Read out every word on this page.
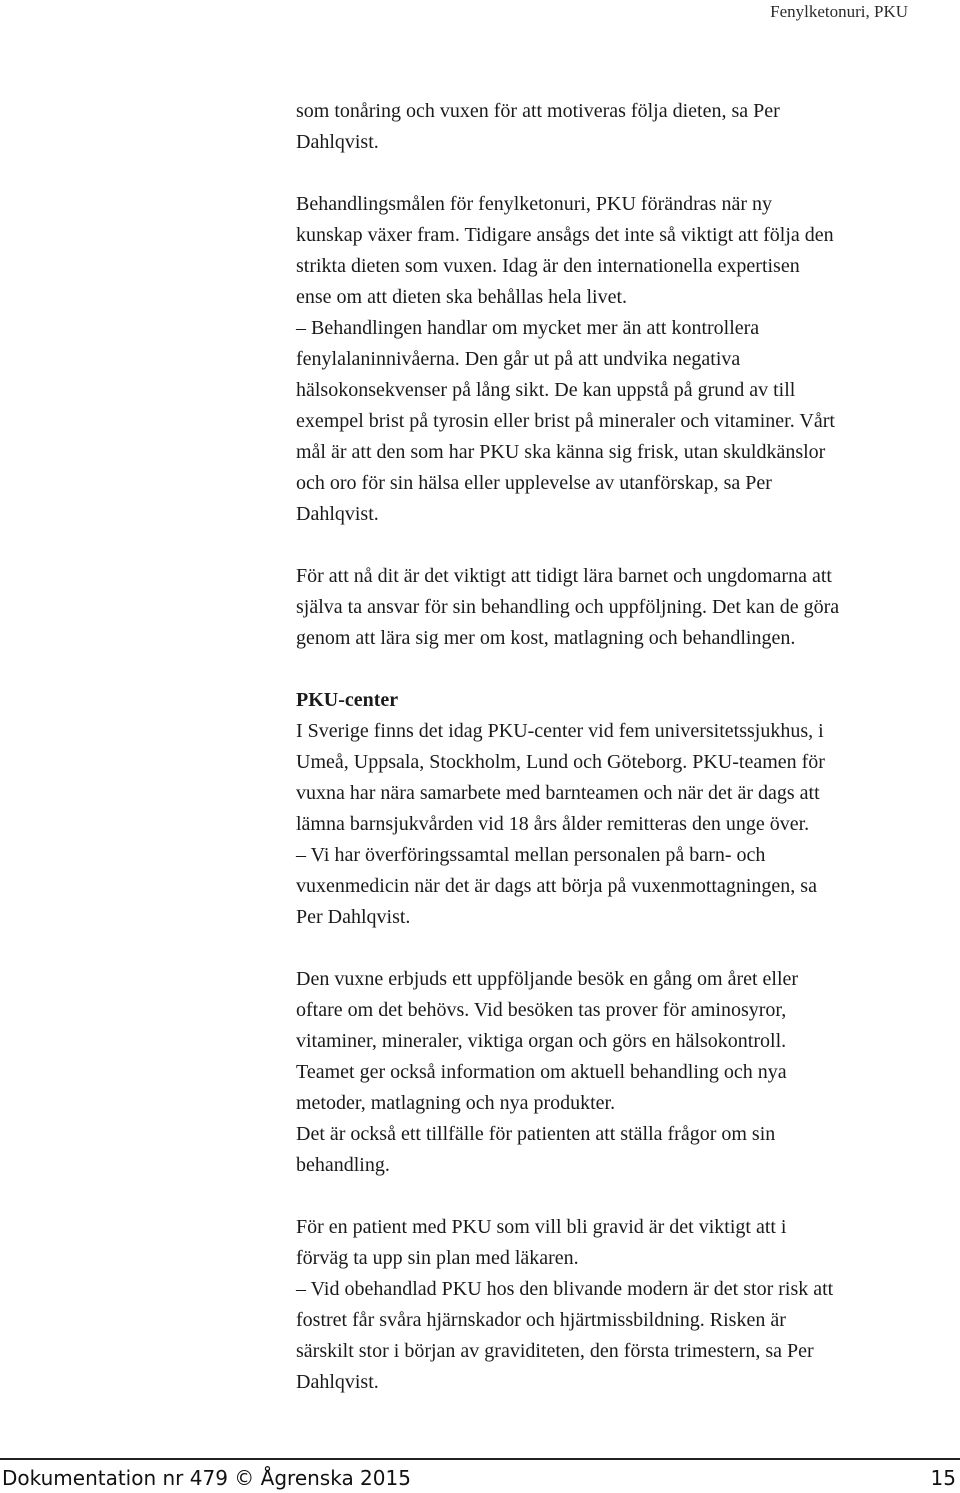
Fenylketonuri, PKU

som tonåring och vuxen för att motiveras följa dieten, sa Per
Dahlqvist.

Behandlingsmålen för fenylketonuri, PKU förändras när ny
kunskap växer fram. Tidigare ansågs det inte så viktigt att följa den
strikta dieten som vuxen. Idag är den internationella expertisen
ense om att dieten ska behållas hela livet.
– Behandlingen handlar om mycket mer än att kontrollera
fenylalaninnivåerna. Den går ut på att undvika negativa
hälsokonsekvenser på lång sikt. De kan uppstå på grund av till
exempel brist på tyrosin eller brist på mineraler och vitaminer. Vårt
mål är att den som har PKU ska känna sig frisk, utan skuldkänslor
och oro för sin hälsa eller upplevelse av utanförskap, sa Per
Dahlqvist.

För att nå dit är det viktigt att tidigt lära barnet och ungdomarna att
själva ta ansvar för sin behandling och uppföljning. Det kan de göra
genom att lära sig mer om kost, matlagning och behandlingen.

PKU-center
I Sverige finns det idag PKU-center vid fem universitetssjukhus, i
Umeå, Uppsala, Stockholm, Lund och Göteborg. PKU-teamen för
vuxna har nära samarbete med barnteamen och när det är dags att
lämna barnsjukvården vid 18 års ålder remitteras den unge över.
– Vi har överföringssamtal mellan personalen på barn- och
vuxenmedicin när det är dags att börja på vuxenmottagningen, sa
Per Dahlqvist.

Den vuxne erbjuds ett uppföljande besök en gång om året eller
oftare om det behövs. Vid besöken tas prover för aminosyror,
vitaminer, mineraler, viktiga organ och görs en hälsokontroll.
Teamet ger också information om aktuell behandling och nya
metoder, matlagning och nya produkter.
Det är också ett tillfälle för patienten att ställa frågor om sin
behandling.

För en patient med PKU som vill bli gravid är det viktigt att i
förväg ta upp sin plan med läkaren.
– Vid obehandlad PKU hos den blivande modern är det stor risk att
fostret får svåra hjärnskador och hjärtmissbildning. Risken är
särskilt stor i början av graviditeten, den första trimestern, sa Per
Dahlqvist.

Dokumentation nr 479 © Ågrenska 2015	15
